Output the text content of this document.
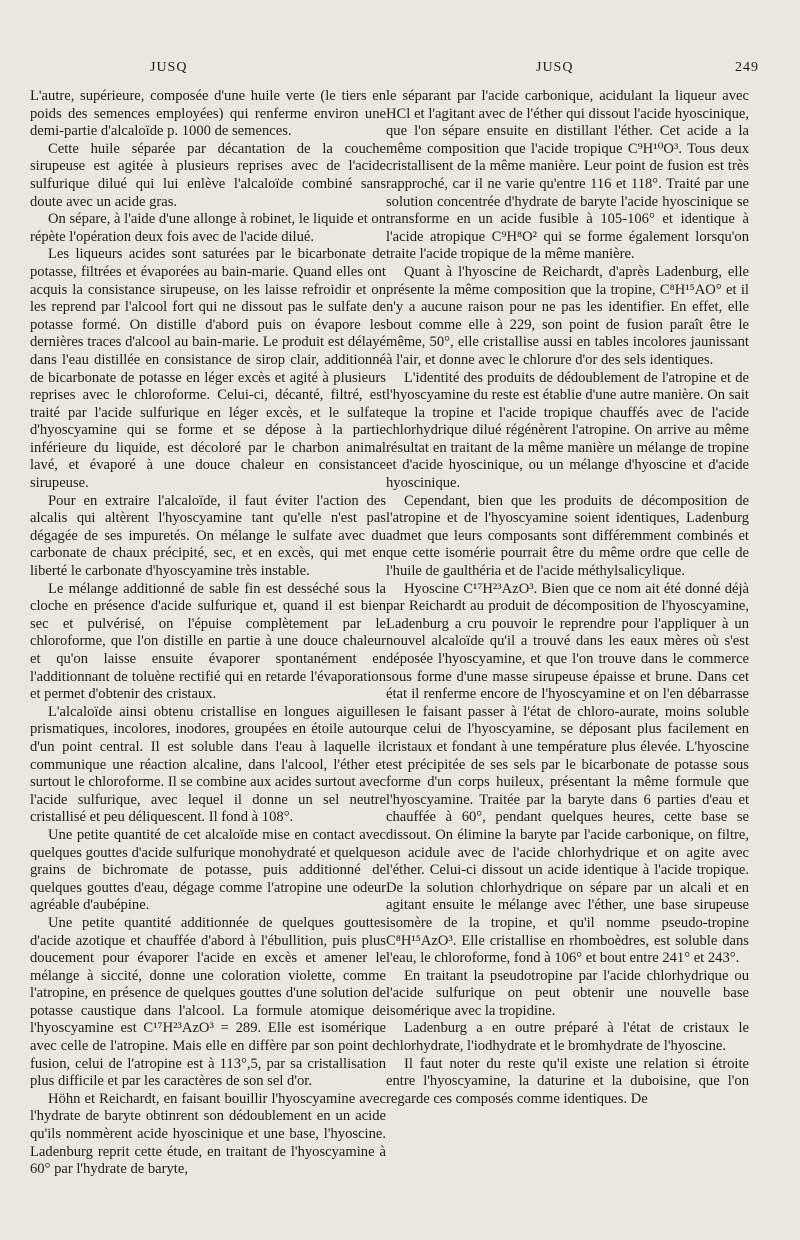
JUSQ	JUSQ	249

L'autre, supérieure, composée d'une huile verte (le tiers en poids des semences employées) qui renferme environ une demi-partie d'alcaloïde p. 1000 de semences.

Cette huile séparée par décantation de la couche sirupeuse est agitée à plusieurs reprises avec de l'acide sulfurique dilué qui lui enlève l'alcaloïde combiné sans doute avec un acide gras.

On sépare, à l'aide d'une allonge à robinet, le liquide et on répète l'opération deux fois avec de l'acide dilué.

Les liqueurs acides sont saturées par le bicarbonate de potasse, filtrées et évaporées au bain-marie. Quand elles ont acquis la consistance sirupeuse, on les laisse refroidir et on les reprend par l'alcool fort qui ne dissout pas le sulfate de potasse formé. On distille d'abord puis on évapore les dernières traces d'alcool au bain-marie. Le produit est délayé dans l'eau distillée en consistance de sirop clair, additionné de bicarbonate de potasse en léger excès et agité à plusieurs reprises avec le chloroforme. Celui-ci, décanté, filtré, est traité par l'acide sulfurique en léger excès, et le sulfate d'hyoscyamine qui se forme et se dépose à la partie inférieure du liquide, est décoloré par le charbon animal lavé, et évaporé à une douce chaleur en consistance sirupeuse.

Pour en extraire l'alcaloïde, il faut éviter l'action des alcalis qui altèrent l'hyoscyamine tant qu'elle n'est pas dégagée de ses impuretés. On mélange le sulfate avec du carbonate de chaux précipité, sec, et en excès, qui met en liberté le carbonate d'hyoscyamine très instable.

Le mélange additionné de sable fin est desséché sous la cloche en présence d'acide sulfurique et, quand il est bien sec et pulvérisé, on l'épuise complètement par le chloroforme, que l'on distille en partie à une douce chaleur et qu'on laisse ensuite évaporer spontanément en l'additionnant de toluène rectifié qui en retarde l'évaporation et permet d'obtenir des cristaux.

L'alcaloïde ainsi obtenu cristallise en longues aiguilles prismatiques, incolores, inodores, groupées en étoile autour d'un point central. Il est soluble dans l'eau à laquelle il communique une réaction alcaline, dans l'alcool, l'éther et surtout le chloroforme. Il se combine aux acides surtout avec l'acide sulfurique, avec lequel il donne un sel neutre cristallisé et peu déliquescent. Il fond à 108°.

Une petite quantité de cet alcaloïde mise en contact avec quelques gouttes d'acide sulfurique monohydraté et quelques grains de bichromate de potasse, puis additionné de quelques gouttes d'eau, dégage comme l'atropine une odeur agréable d'aubépine.

Une petite quantité additionnée de quelques gouttes d'acide azotique et chauffée d'abord à l'ébullition, puis plus doucement pour évaporer l'acide en excès et amener le mélange à siccité, donne une coloration violette, comme l'atropine, en présence de quelques gouttes d'une solution de potasse caustique dans l'alcool. La formule atomique de l'hyoscyamine est C¹⁷H²³AzO³ = 289. Elle est isomérique avec celle de l'atropine. Mais elle en diffère par son point de fusion, celui de l'atropine est à 113°,5, par sa cristallisation plus difficile et par les caractères de son sel d'or.

Höhn et Reichardt, en faisant bouillir l'hyoscyamine avec l'hydrate de baryte obtinrent son dédoublement en un acide qu'ils nommèrent acide hyoscinique et une base, l'hyoscine. Ladenburg reprit cette étude, en traitant de l'hyoscyamine à 60° par l'hydrate de baryte,

le séparant par l'acide carbonique, acidulant la liqueur avec HCl et l'agitant avec de l'éther qui dissout l'acide hyoscinique, que l'on sépare ensuite en distillant l'éther. Cet acide a la même composition que l'acide tropique C⁹H¹⁰O³. Tous deux cristallisent de la même manière. Leur point de fusion est très rapproché, car il ne varie qu'entre 116 et 118°. Traité par une solution concentrée d'hydrate de baryte l'acide hyoscinique se transforme en un acide fusible à 105-106° et identique à l'acide atropique C⁹H⁸O² qui se forme également lorsqu'on traite l'acide tropique de la même manière.

Quant à l'hyoscine de Reichardt, d'après Ladenburg, elle présente la même composition que la tropine, C⁸H¹⁵AO° et il n'y a aucune raison pour ne pas les identifier. En effet, elle bout comme elle à 229, son point de fusion paraît être le même, 50°, elle cristallise aussi en tables incolores jaunissant à l'air, et donne avec le chlorure d'or des sels identiques.

L'identité des produits de dédoublement de l'atropine et de l'hyoscyamine du reste est établie d'une autre manière. On sait que la tropine et l'acide tropique chauffés avec de l'acide chlorhydrique dilué régénèrent l'atropine. On arrive au même résultat en traitant de la même manière un mélange de tropine et d'acide hyoscinique, ou un mélange d'hyoscine et d'acide hyoscinique.

Cependant, bien que les produits de décomposition de l'atropine et de l'hyoscyamine soient identiques, Ladenburg admet que leurs composants sont différemment combinés et que cette isomérie pourrait être du même ordre que celle de l'huile de gaulthéria et de l'acide méthylsalicylique.

Hyoscine C¹⁷H²³AzO³. Bien que ce nom ait été donné déjà par Reichardt au produit de décomposition de l'hyoscyamine, Ladenburg a cru pouvoir le reprendre pour l'appliquer à un nouvel alcaloïde qu'il a trouvé dans les eaux mères où s'est déposée l'hyoscyamine, et que l'on trouve dans le commerce sous forme d'une masse sirupeuse épaisse et brune. Dans cet état il renferme encore de l'hyoscyamine et on l'en débarrasse en le faisant passer à l'état de chloro-aurate, moins soluble que celui de l'hyoscyamine, se déposant plus facilement en cristaux et fondant à une température plus élevée. L'hyoscine est précipitée de ses sels par le bicarbonate de potasse sous forme d'un corps huileux, présentant la même formule que l'hyoscyamine. Traitée par la baryte dans 6 parties d'eau et chauffée à 60°, pendant quelques heures, cette base se dissout. On élimine la baryte par l'acide carbonique, on filtre, on acidule avec de l'acide chlorhydrique et on agite avec l'éther. Celui-ci dissout un acide identique à l'acide tropique. De la solution chlorhydrique on sépare par un alcali et en agitant ensuite le mélange avec l'éther, une base sirupeuse isomère de la tropine, et qu'il nomme pseudo-tropine C⁸H¹⁵AzO³. Elle cristallise en rhomboèdres, est soluble dans l'eau, le chloroforme, fond à 106° et bout entre 241° et 243°.

En traitant la pseudotropine par l'acide chlorhydrique ou l'acide sulfurique on peut obtenir une nouvelle base isomérique avec la tropidine.

Ladenburg a en outre préparé à l'état de cristaux le chlorhydrate, l'iodhydrate et le bromhydrate de l'hyoscine.

Il faut noter du reste qu'il existe une relation si étroite entre l'hyoscyamine, la daturine et la duboisine, que l'on regarde ces composés comme identiques. De
